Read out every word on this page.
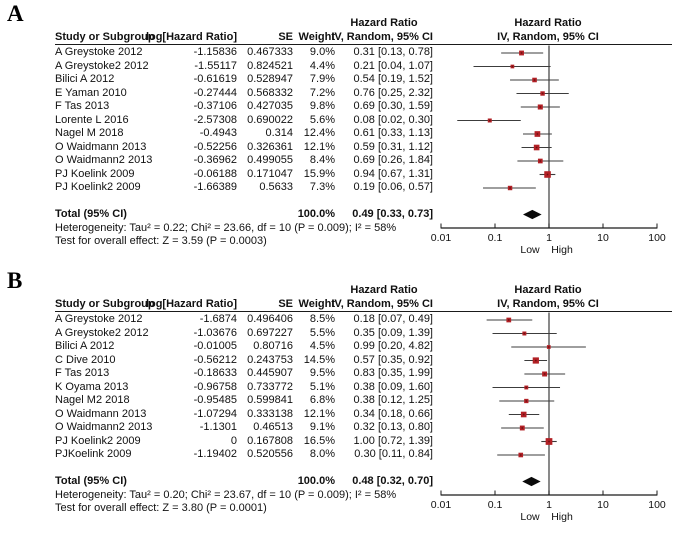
A	Hazard Ratio
Study or Subgroup
log[Hazard Ratio]	SE Weight
IV, Random, 95% CI
Hazard Ratio
IV, Random, 95% CI
A Greystoke 2012	-1.15836 0.467333	9.0%	0.31 [0.13, 0.78]
A Greystoke2 2012	-1.55117 0.824521	4.4%	0.21 [0.04, 1.07]
Bilici A 2012	-0.61619 0.528947	7.9%	0.54 [0.19, 1.52]
E Yaman 2010	-0.27444 0.568332	7.2%	0.76 [0.25, 2.32]
F Tas 2013	-0.37106 0.427035	9.8%	0.69 [0.30, 1.59]
Lorente L 2016	-2.57308 0.690022	5.6%	0.08 [0.02, 0.30]
Nagel M 2018	-0.4943	0.314 12.4%	0.61 [0.33, 1.13]
O Waidmann 2013	-0.52256 0.326361 12.1%	0.59 [0.31, 1.12]
O Waidmann2 2013	-0.36962 0.499055	8.4%	0.69 [0.26, 1.84]
PJ Koelink 2009	-0.06188 0.171047 15.9%	0.94 [0.67, 1.31]
PJ Koelink2 2009	-1.66389	0.5633	7.3%	0.19 [0.06, 0.57]
Total (95% CI)	100.0%	0.49 [0.33, 0.73]
Heterogeneity: Tau² = 0.22; Chi² = 23.66, df = 10 (P = 0.009); I² = 58%
Test for overall effect: Z = 3.59 (P = 0.0003)	0.01	0.1	1	10	100
Low High
B	Hazard Ratio
Study or Subgroup
log[Hazard Ratio]	SE Weight
IV, Random, 95% CI
Hazard Ratio
IV, Random, 95% CI
A Greystoke 2012	-1.6874 0.496406	8.5%	0.18 [0.07, 0.49]
A Greystoke2 2012	-1.03676 0.697227	5.5%	0.35 [0.09, 1.39]
Bilici A 2012	-0.01005	0.80716	4.5%	0.99 [0.20, 4.82]
C Dive 2010	-0.56212 0.243753 14.5%	0.57 [0.35, 0.92]
F Tas 2013	-0.18633 0.445907	9.5%	0.83 [0.35, 1.99]
K Oyama 2013	-0.96758 0.733772	5.1%	0.38 [0.09, 1.60]
Nagel M2 2018	-0.95485 0.599841	6.8%	0.38 [0.12, 1.25]
O Waidmann 2013	-1.07294 0.333138 12.1%	0.34 [0.18, 0.66]
O Waidmann2 2013	-1.1301	0.46513	9.1%	0.32 [0.13, 0.80]
PJ Koelink2 2009	0 0.167808 16.5%	1.00 [0.72, 1.39]
PJKoelink 2009	-1.19402 0.520556	8.0%	0.30 [0.11, 0.84]
Total (95% CI)	100.0%	0.48 [0.32, 0.70]
Heterogeneity: Tau² = 0.20; Chi² = 23.67, df = 10 (P = 0.009); I² = 58%
Test for overall effect: Z = 3.80 (P = 0.0001)	0.01	0.1	1	10	100
Low High
